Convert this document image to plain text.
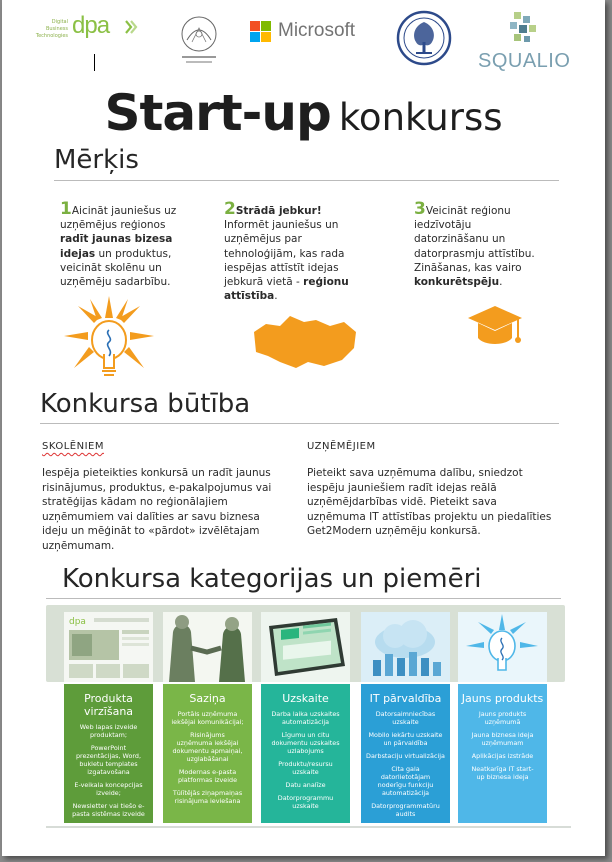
Digital Business Technologies dpa	Microsoft
SQUALIO
Start-up konkurss
Mērķis
1Aicināt jauniešus uz uzņēmējus reģionos radīt jaunas bizesa idejas un produktus, veicināt skolēnu un uzņēmēju sadarbību.
2Strādā jebkur! Informēt jauniešus un uzņēmējus par tehnoloģijām, kas rada iespējas attīstīt idejas jebkurā vietā - reģionu attīstība.
3Veicināt reģionu iedzīvotāju datorzināšanu un datorprasmju attīstību. Zināšanas, kas vairo konkurētspēju.
Konkursa būtība
SKOLĒNIEM	UZŅĒMĒJIEM
Iespēja pieteikties konkursā un radīt jaunus
risinājumus, produktus, e-pakalpojumus vai
stratēģijas kādam no reģionālajiem
uzņēmumiem vai dalīties ar savu biznesa
ideju un mēģināt to «pārdot» izvēlētajam
uzņēmumam.
Pieteikt sava uzņēmuma dalību, sniedzot
iespēju jauniešiem radīt idejas reālā
uzņēmējdarbības vidē. Pieteikt sava
uzņēmuma IT attīstības projektu un piedalīties
Get2Modern uzņēmēju konkursā.
Konkursa kategorijas un piemēri
dpa
Produkta
virzīšana
Web lapas izveide
produktam;
PowerPoint
prezentācijas, Word,
bukletu templates
izgatavošana
E-veikala koncepcijas
izveide;
Newsletter vai tiešo e-
pasta sistēmas izveide
Saziņa
Portāls uzņēmuma
iekšējai komunikācijai;
Risinājums
uzņēmuma iekšējai
dokumentu apmaiņai,
uzglabāšanai
Modernas e-pasta
platformas izveide
Tūlītējās ziņapmaiņas
risinājuma ieviešana
Uzskaite
Darba laika uzskaites
automatizācija
Līgumu un citu
dokumentu uzskaites
uzlabojums
Produktu/resursu
uzskaite
Datu analīze
Datorprogrammu
uzskaite
IT pārvaldība
Datorsaimniecības
uzskaite
Mobilo iekārtu uzskaite
un pārvaldība
Darbstaciju virtualizācija
Cita gala
datorlietotājam
noderīgu funkciju
automatizācija
Datorprogrammatūru
audits
Jauns produkts
Jauns produkts
uzņēmumā
Jauna biznesa ideja
uzņēmumam
Aplikācijas izstrāde
Neatkarīga IT start-
up biznesa ideja
